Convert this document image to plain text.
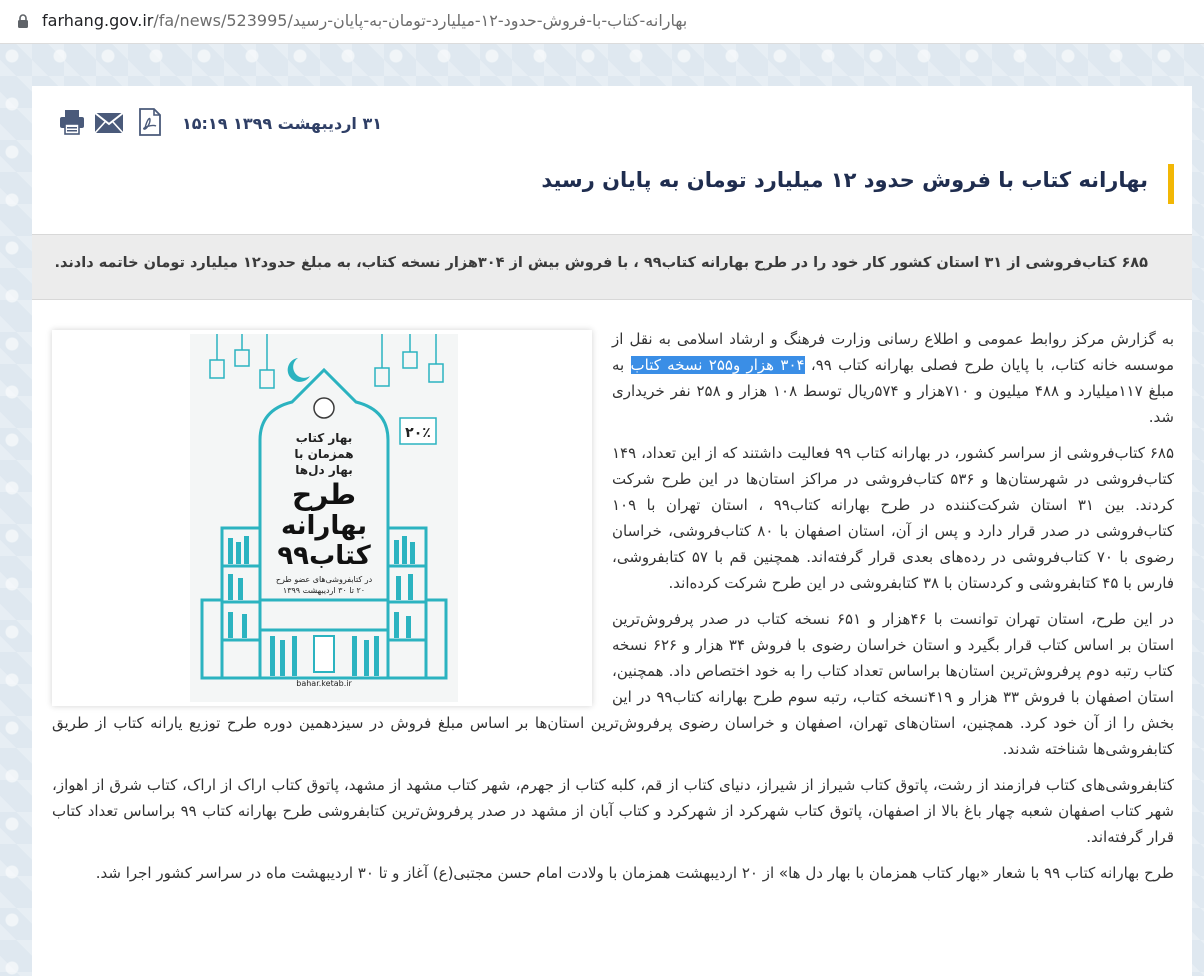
farhang.gov.ir/fa/news/523995/بهارانه-کتاب-با-فروش-حدود-۱۲-میلیارد-تومان-به-پایان-رسید
۳۱ اردیبهشت ۱۳۹۹ ۱۵:۱۹
بهارانه کتاب با فروش حدود ۱۲ میلیارد تومان به پایان رسید
۶۸۵ کتاب‌فروشی از ۳۱ استان کشور کار خود را در طرح بهارانه کتاب۹۹ ، با فروش بیش از ۳۰۴هزار نسخه کتاب، به مبلغ حدود۱۲ میلیارد تومان خاتمه دادند.
۲۰٪
بهار کتاب
همزمان با
بهار دل‌ها
طرح
بهارانه
کتاب۹۹
در کتابفروشی‌های عضو طرح
۲۰ تا ۳۰ اردیبهشت ۱۳۹۹
bahar.ketab.ir

به گزارش مرکز روابط عمومی و اطلاع رسانی وزارت فرهنگ و ارشاد اسلامی به نقل از موسسه خانه کتاب، با پایان طرح فصلی بهارانه کتاب ۹۹، ۳۰۴ هزار و۲۵۵ نسخه کتاب به مبلغ ۱۱۷میلیارد و ۴۸۸ میلیون و ۷۱۰هزار و ۵۷۴ریال توسط ۱۰۸ هزار و ۲۵۸ نفر خریداری شد.

۶۸۵ کتاب‌فروشی از سراسر کشور، در بهارانه کتاب ۹۹ فعالیت داشتند که از این تعداد، ۱۴۹ کتاب‌فروشی در شهرستان‌ها و ۵۳۶ کتاب‌فروشی در مراکز استان‌ها در این طرح شرکت کردند. بین ۳۱ استان شرکت‌کننده در طرح بهارانه کتاب۹۹ ، استان تهران با ۱۰۹ کتاب‌فروشی در صدر قرار دارد و پس از آن، استان اصفهان با ۸۰ کتاب‌فروشی، خراسان رضوی با ۷۰ کتاب‌فروشی در رده‌های بعدی قرار گرفته‌اند. همچنین قم با ۵۷ کتابفروشی، فارس با ۴۵ کتابفروشی و کردستان با ۳۸ کتابفروشی در این طرح شرکت کرده‌اند.

در این طرح، استان تهران توانست با ۴۶هزار و ۶۵۱ نسخه کتاب در صدر پرفروش‌ترین استان بر اساس کتاب قرار بگیرد و استان خراسان رضوی با فروش ۳۴ هزار و ۶۲۶ نسخه کتاب رتبه دوم پرفروش‌ترین استان‌ها براساس تعداد کتاب را به خود اختصاص داد. همچنین، استان اصفهان با فروش ۳۳ هزار و ۴۱۹نسخه کتاب، رتبه سوم طرح بهارانه کتاب۹۹ در این بخش را از آن خود کرد. همچنین، استان‌های تهران، اصفهان و خراسان رضوی پرفروش‌ترین استان‌ها بر اساس مبلغ فروش در سیزدهمین دوره طرح توزیع یارانه کتاب از طریق کتابفروشی‌ها شناخته شدند.

کتابفروشی‌های کتاب فرازمند از رشت، پاتوق کتاب شیراز از شیراز، دنیای کتاب از قم، کلبه کتاب از جهرم، شهر کتاب مشهد از مشهد، پاتوق کتاب اراک از اراک، کتاب شرق از اهواز، شهر کتاب اصفهان شعبه چهار باغ بالا از اصفهان، پاتوق کتاب شهرکرد از شهرکرد و کتاب آبان از مشهد در صدر پرفروش‌ترین کتابفروشی طرح بهارانه کتاب ۹۹ براساس تعداد کتاب قرار گرفته‌اند.

طرح بهارانه کتاب ۹۹ با شعار «بهار کتاب همزمان با بهار دل ها» از ۲۰ اردیبهشت همزمان با ولادت امام حسن مجتبی(ع) آغاز و تا ۳۰ اردیبهشت ماه در سراسر کشور اجرا شد.
